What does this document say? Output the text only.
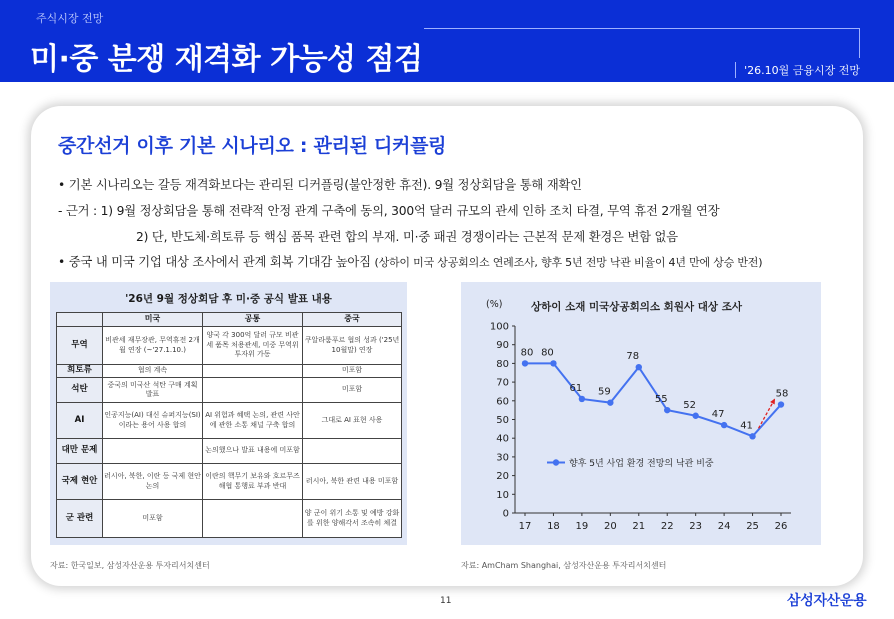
주식시장 전망
미·중 분쟁 재격화 가능성 점검	'26.10월 금융시장 전망
중간선거 이후 기본 시나리오 : 관리된 디커플링
• 기본 시나리오는 갈등 재격화보다는 관리된 디커플링(불안정한 휴전). 9월 정상회담을 통해 재확인
- 근거 : 1) 9월 정상회담을 통해 전략적 안정 관계 구축에 동의, 300억 달러 규모의 관세 인하 조치 타결, 무역 휴전 2개월 연장
2) 단, 반도체·희토류 등 핵심 품목 관련 합의 부재. 미·중 패권 경쟁이라는 근본적 문제 환경은 변함 없음
• 중국 내 미국 기업 대상 조사에서 관계 회복 기대감 높아짐 (상하이 미국 상공회의소 연례조사, 향후 5년 전망 낙관 비율이 4년 만에 상승 반전)
'26년 9월 정상회담 후 미·중 공식 발표 내용
	미국	공통	중국
무역	비관세 재무장관, 무역휴전 2개월 연장 (~'27.1.10.)	양국 각 300억 달러 규모 비관세 품목 처용관세, 미중 무역위 투자위 가동	쿠알라룸푸르 협의 성과 ('25년 10월말) 연장
희토류	협의 계속		미포함
석탄	중국의 미국산 석탄 구매 계획 발표		미포함
AI	인공지능(AI) 대신 슈퍼지능(SI)이라는 용어 사용 합의	AI 위험과 혜택 논의, 관련 사안에 관한 소통 채널 구축 합의	그대로 AI 표현 사용
대만 문제		논의했으나 발표 내용에 미포함	
국제 현안	러시아, 북한, 이란 등 국제 현안 논의	이란의 핵무기 보유와 호르무즈해협 통행료 부과 반대	러시아, 북한 관련 내용 미포함
군 관련	미포함		양 군이 위기 소통 및 예방 강화를 위한 양해각서 조속히 체결
(%)	상하이 소재 미국상공회의소 회원사 대상 조사
0
10
20
30
40
50
60
70
80
90
100
17 18 19 20 21 22 23 24 25 26
80 80
61 59
78
55
52
47
41
58
향후 5년 사업 환경 전망의 낙관 비중
자료: 한국일보, 삼성자산운용 투자리서치센터	자료: AmCham Shanghai, 삼성자산운용 투자리서치센터
11	삼성자산운용
